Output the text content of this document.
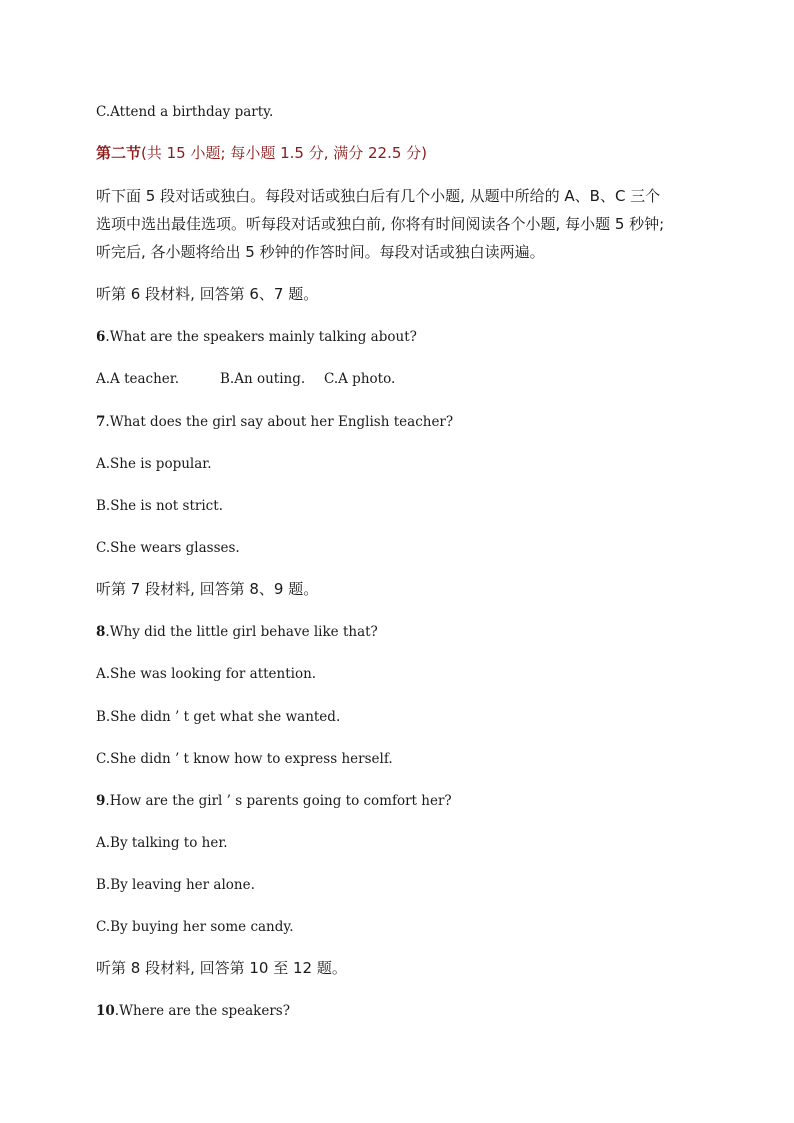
C.Attend a birthday party.
第二节(共 15 小题; 每小题 1.5 分, 满分 22.5 分)
听下面 5 段对话或独白。每段对话或独白后有几个小题, 从题中所给的 A、B、C 三个
选项中选出最佳选项。听每段对话或独白前, 你将有时间阅读各个小题, 每小题 5 秒钟;
听完后, 各小题将给出 5 秒钟的作答时间。每段对话或独白读两遍。
听第 6 段材料, 回答第 6、7 题。
6.What are the speakers mainly talking about?
A.A teacher.	B.An outing. C.A photo.
7.What does the girl say about her English teacher?
A.She is popular.
B.She is not strict.
C.She wears glasses.
听第 7 段材料, 回答第 8、9 题。
8.Why did the little girl behave like that?
A.She was looking for attention.
B.She didn ’ t get what she wanted.
C.She didn ’ t know how to express herself.
9.How are the girl ’ s parents going to comfort her?
A.By talking to her.
B.By leaving her alone.
C.By buying her some candy.
听第 8 段材料, 回答第 10 至 12 题。
10.Where are the speakers?
